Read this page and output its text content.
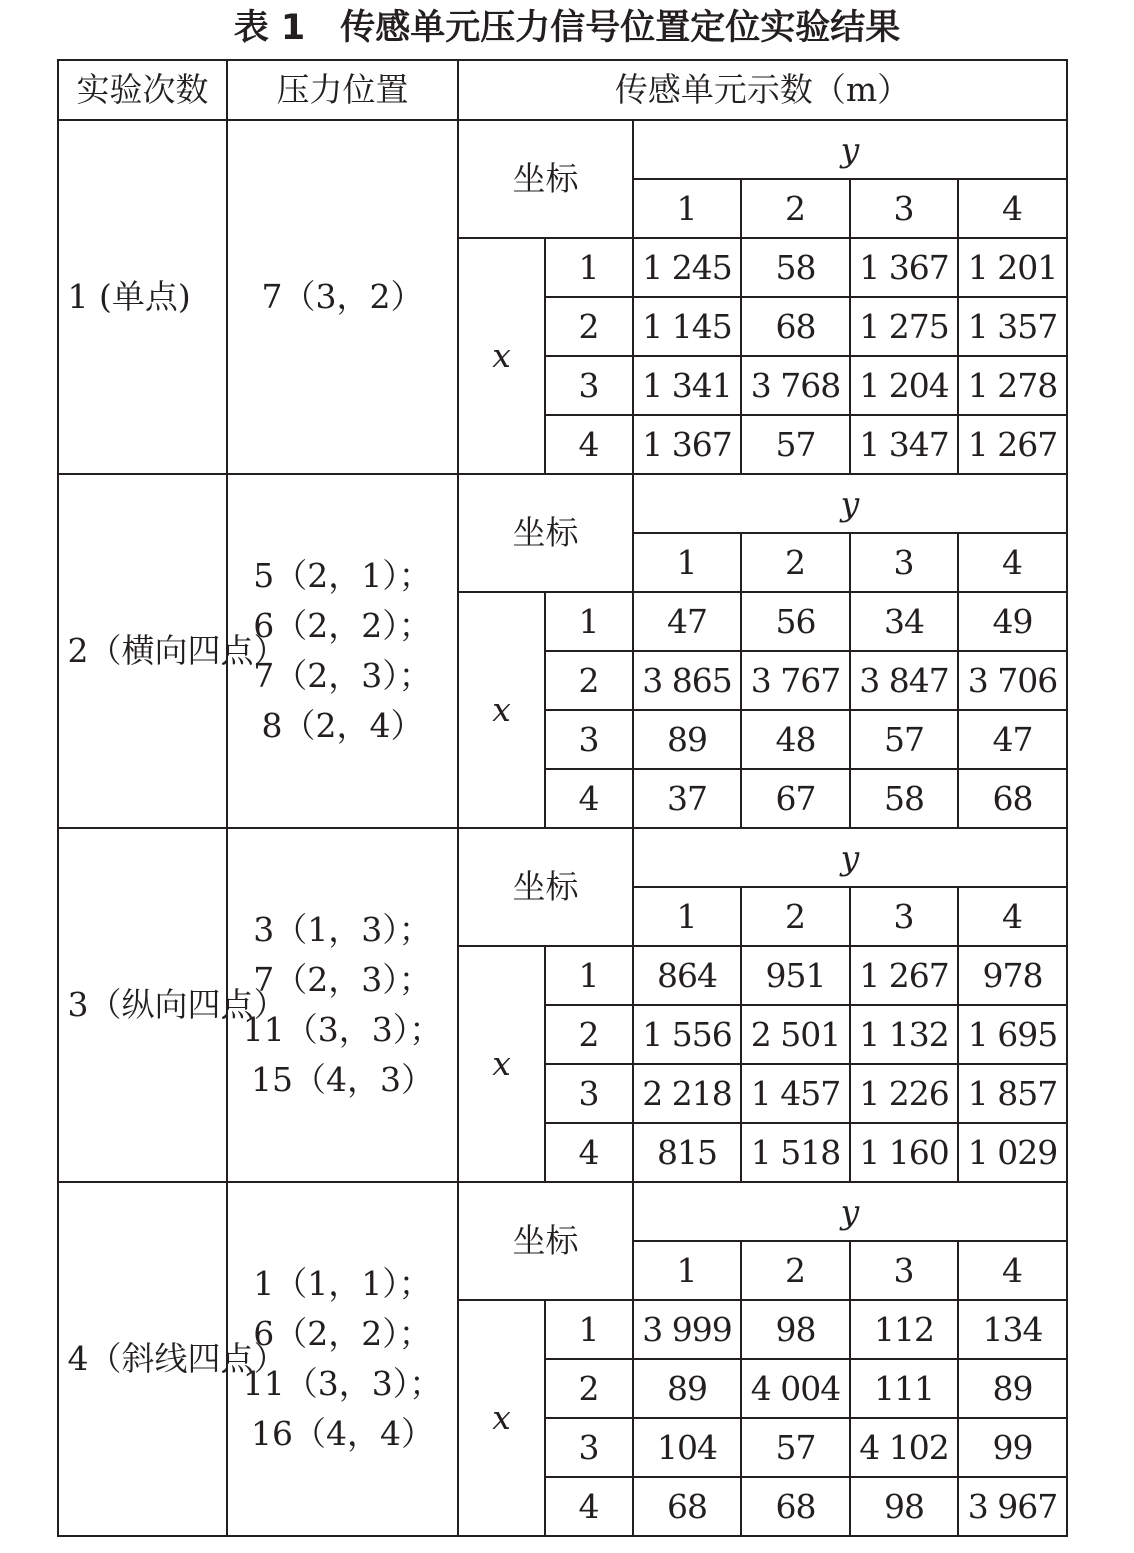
表 1　传感单元压力信号位置定位实验结果
实验次数	压力位置	传感单元示数（m）					
1 (单点)	7（3，2）	坐标		y			
				1	2	3	4
		x	1	1 245	58	1 367	1 201
			2	1 145	68	1 275	1 357
			3	1 341	3 768	1 204	1 278
			4	1 367	57	1 347	1 267
2（横向四点）	5（2，1）；
6（2，2）；
7（2，3）；
8（2，4）	坐标		y			
				1	2	3	4
		x	1	47	56	34	49
			2	3 865	3 767	3 847	3 706
			3	89	48	57	47
			4	37	67	58	68
3（纵向四点）	3（1，3）；
7（2，3）；
11（3，3）；
15（4，3）	坐标		y			
				1	2	3	4
		x	1	864	951	1 267	978
			2	1 556	2 501	1 132	1 695
			3	2 218	1 457	1 226	1 857
			4	815	1 518	1 160	1 029
4（斜线四点）	1（1，1）；
6（2，2）；
11（3，3）；
16（4，4）	坐标		y			
				1	2	3	4
		x	1	3 999	98	112	134
			2	89	4 004	111	89
			3	104	57	4 102	99
			4	68	68	98	3 967
